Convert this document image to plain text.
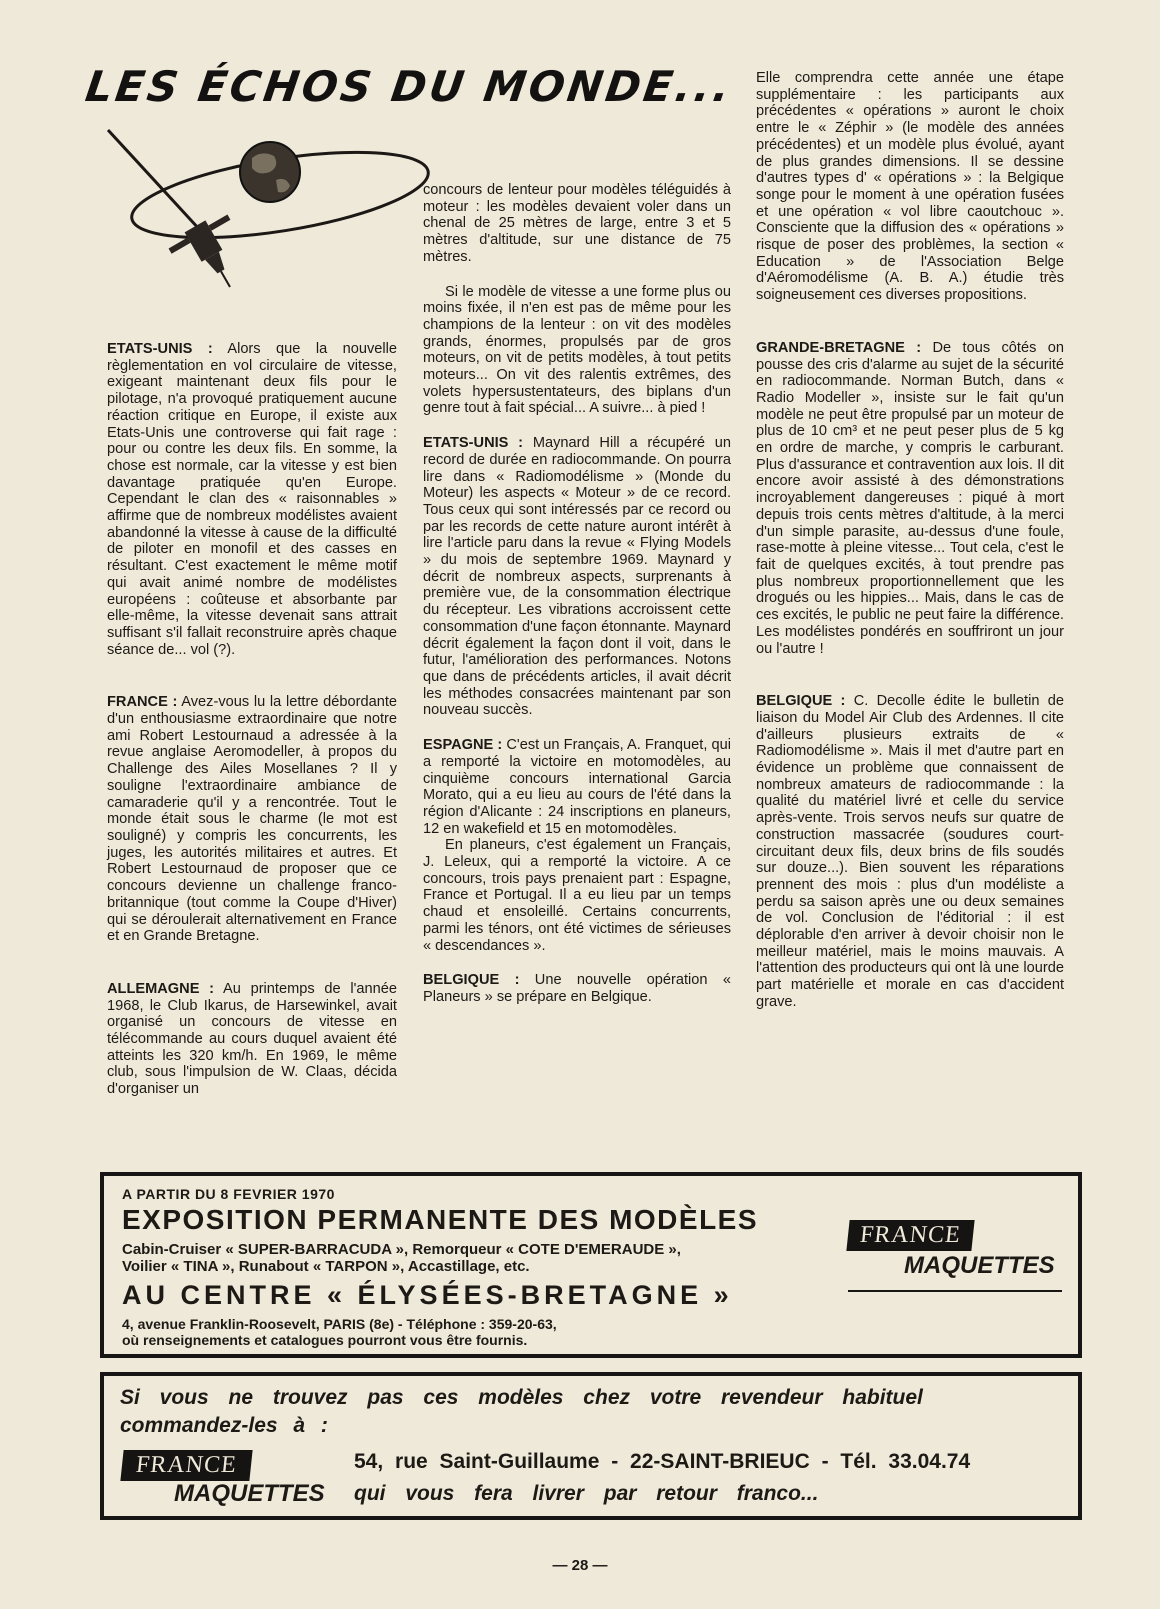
LES ÉCHOS DU MONDE...

ETATS-UNIS : Alors que la nouvelle règlementation en vol circulaire de vitesse, exigeant maintenant deux fils pour le pilotage, n'a provoqué pratiquement aucune réaction critique en Europe, il existe aux Etats-Unis une controverse qui fait rage : pour ou contre les deux fils. En somme, la chose est normale, car la vitesse y est bien davantage pratiquée qu'en Europe. Cependant le clan des « raisonnables » affirme que de nombreux modélistes avaient abandonné la vitesse à cause de la difficulté de piloter en monofil et des casses en résultant. C'est exactement le même motif qui avait animé nombre de modélistes européens : coûteuse et absorbante par elle-même, la vitesse devenait sans attrait suffisant s'il fallait reconstruire après chaque séance de... vol (?).

FRANCE : Avez-vous lu la lettre débordante d'un enthousiasme extraordinaire que notre ami Robert Lestournaud a adressée à la revue anglaise Aeromodeller, à propos du Challenge des Ailes Mosellanes ? Il y souligne l'extraordinaire ambiance de camaraderie qu'il y a rencontrée. Tout le monde était sous le charme (le mot est souligné) y compris les concurrents, les juges, les autorités militaires et autres. Et Robert Lestournaud de proposer que ce concours devienne un challenge franco-britannique (tout comme la Coupe d'Hiver) qui se déroulerait alternativement en France et en Grande Bretagne.

ALLEMAGNE : Au printemps de l'année 1968, le Club Ikarus, de Harsewinkel, avait organisé un concours de vitesse en télécommande au cours duquel avaient été atteints les 320 km/h. En 1969, le même club, sous l'impulsion de W. Claas, décida d'organiser un

concours de lenteur pour modèles téléguidés à moteur : les modèles devaient voler dans un chenal de 25 mètres de large, entre 3 et 5 mètres d'altitude, sur une distance de 75 mètres.

Si le modèle de vitesse a une forme plus ou moins fixée, il n'en est pas de même pour les champions de la lenteur : on vit des modèles grands, énormes, propulsés par de gros moteurs, on vit de petits modèles, à tout petits moteurs... On vit des ralentis extrêmes, des volets hypersustentateurs, des biplans d'un genre tout à fait spécial... A suivre... à pied !

ETATS-UNIS : Maynard Hill a récupéré un record de durée en radiocommande. On pourra lire dans « Radiomodélisme » (Monde du Moteur) les aspects « Moteur » de ce record. Tous ceux qui sont intéressés par ce record ou par les records de cette nature auront intérêt à lire l'article paru dans la revue « Flying Models » du mois de septembre 1969. Maynard y décrit de nombreux aspects, surprenants à première vue, de la consommation électrique du récepteur. Les vibrations accroissent cette consommation d'une façon étonnante. Maynard décrit également la façon dont il voit, dans le futur, l'amélioration des performances. Notons que dans de précédents articles, il avait décrit les méthodes consacrées maintenant par son nouveau succès.

ESPAGNE : C'est un Français, A. Franquet, qui a remporté la victoire en motomodèles, au cinquième concours international Garcia Morato, qui a eu lieu au cours de l'été dans la région d'Alicante : 24 inscriptions en planeurs, 12 en wakefield et 15 en motomodèles.

En planeurs, c'est également un Français, J. Leleux, qui a remporté la victoire. A ce concours, trois pays prenaient part : Espagne, France et Portugal. Il a eu lieu par un temps chaud et ensoleillé. Certains concurrents, parmi les ténors, ont été victimes de sérieuses « descendances ».

BELGIQUE : Une nouvelle opération « Planeurs » se prépare en Belgique.

Elle comprendra cette année une étape supplémentaire : les participants aux précédentes « opérations » auront le choix entre le « Zéphir » (le modèle des années précédentes) et un modèle plus évolué, ayant de plus grandes dimensions. Il se dessine d'autres types d' « opérations » : la Belgique songe pour le moment à une opération fusées et une opération « vol libre caoutchouc ». Consciente que la diffusion des « opérations » risque de poser des problèmes, la section « Education » de l'Association Belge d'Aéromodélisme (A. B. A.) étudie très soigneusement ces diverses propositions.

GRANDE-BRETAGNE : De tous côtés on pousse des cris d'alarme au sujet de la sécurité en radiocommande. Norman Butch, dans « Radio Modeller », insiste sur le fait qu'un modèle ne peut être propulsé par un moteur de plus de 10 cm³ et ne peut peser plus de 5 kg en ordre de marche, y compris le carburant. Plus d'assurance et contravention aux lois. Il dit encore avoir assisté à des démonstrations incroyablement dangereuses : piqué à mort depuis trois cents mètres d'altitude, à la merci d'un simple parasite, au-dessus d'une foule, rase-motte à pleine vitesse... Tout cela, c'est le fait de quelques excités, à tout prendre pas plus nombreux proportionnellement que les drogués ou les hippies... Mais, dans le cas de ces excités, le public ne peut faire la différence. Les modélistes pondérés en souffriront un jour ou l'autre !

BELGIQUE : C. Decolle édite le bulletin de liaison du Model Air Club des Ardennes. Il cite d'ailleurs plusieurs extraits de « Radiomodélisme ». Mais il met d'autre part en évidence un problème que connaissent de nombreux amateurs de radiocommande : la qualité du matériel livré et celle du service après-vente. Trois servos neufs sur quatre de construction massacrée (soudures court-circuitant deux fils, deux brins de fils soudés sur douze...). Bien souvent les réparations prennent des mois : plus d'un modéliste a perdu sa saison après une ou deux semaines de vol. Conclusion de l'éditorial : il est déplorable d'en arriver à devoir choisir non le meilleur matériel, mais le moins mauvais. A l'attention des producteurs qui ont là une lourde part matérielle et morale en cas d'accident grave.

A PARTIR DU 8 FEVRIER 1970
EXPOSITION PERMANENTE DES MODÈLES
Cabin-Cruiser « SUPER-BARRACUDA », Remorqueur « COTE D'EMERAUDE »,
Voilier « TINA », Runabout « TARPON », Accastillage, etc.
AU CENTRE « ÉLYSÉES-BRETAGNE »
4, avenue Franklin-Roosevelt, PARIS (8e) - Téléphone : 359-20-63,
où renseignements et catalogues pourront vous être fournis.
FRANCE
MAQUETTES
Si vous ne trouvez pas ces modèles chez votre revendeur habituel
commandez-les à :
FRANCE	54, rue Saint-Guillaume - 22-SAINT-BRIEUC - Tél. 33.04.74
MAQUETTES qui vous fera livrer par retour franco...
— 28 —
